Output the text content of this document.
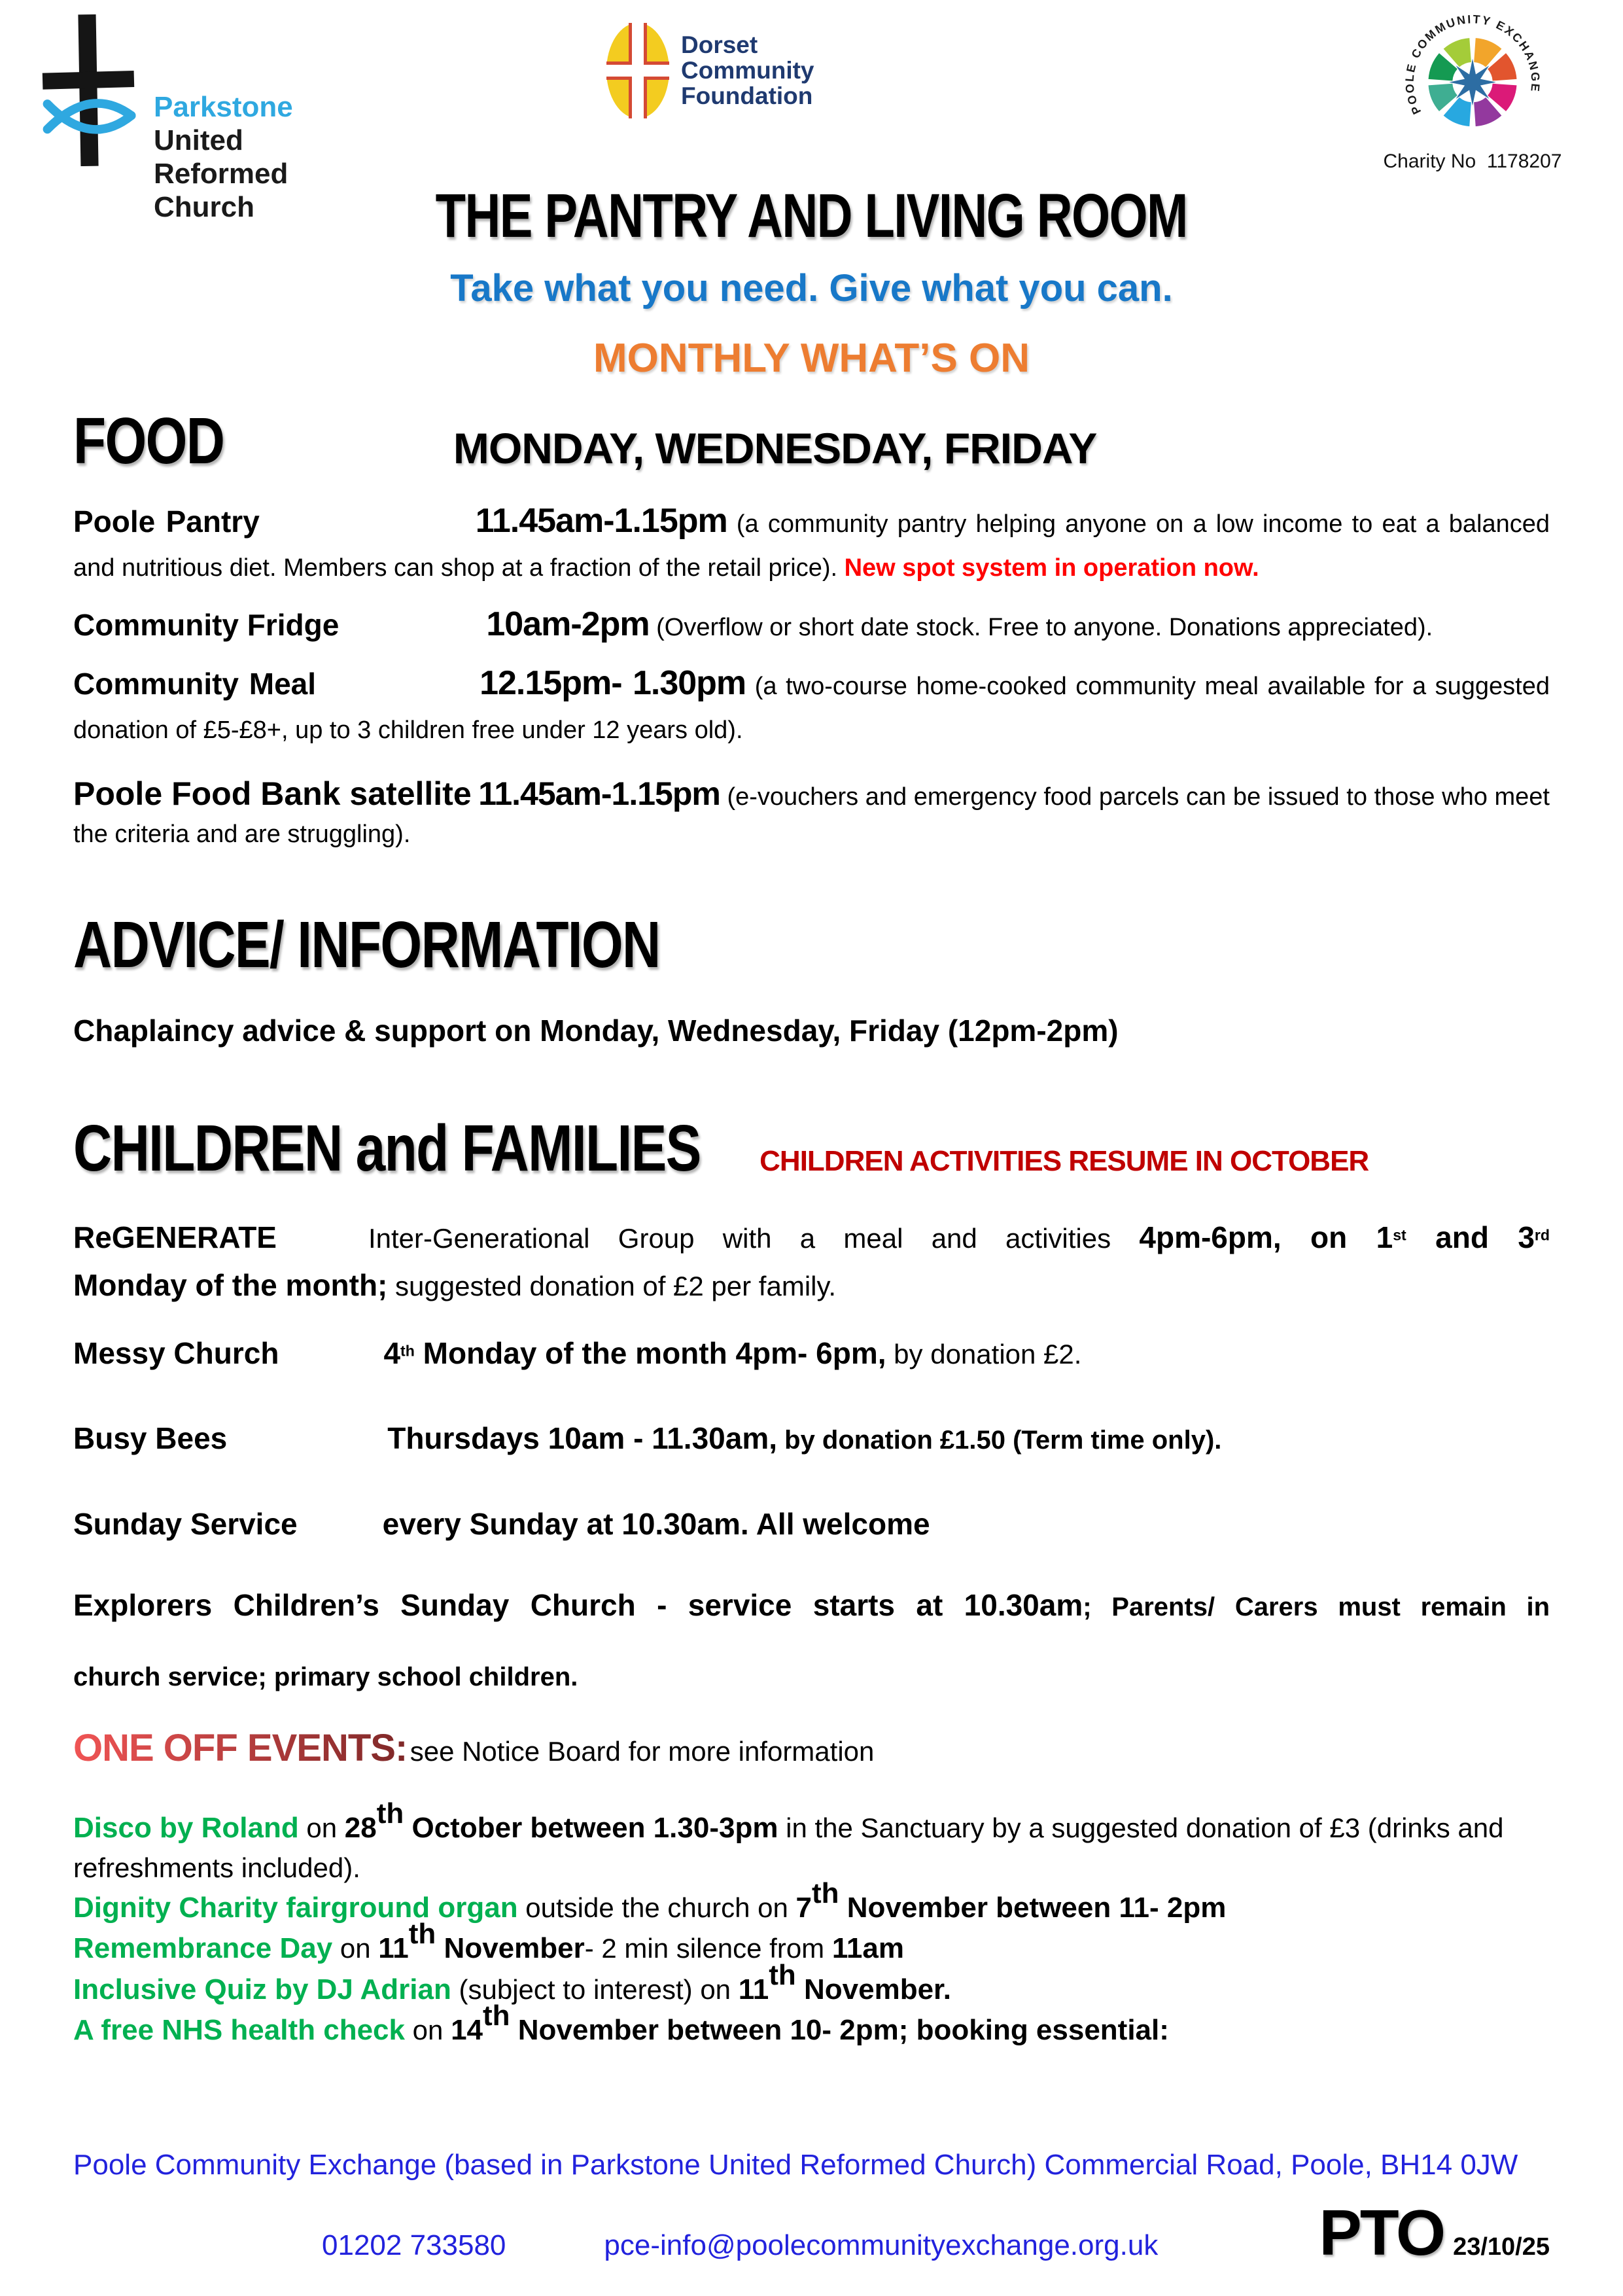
Parkstone
United
Reformed
Church
Dorset
Community
Foundation
POOLE COMMUNITY EXCHANGE
Charity No  1178207
THE PANTRY AND LIVING ROOM
Take what you need. Give what you can.
MONTHLY WHAT’S ON
FOOD	MONDAY, WEDNESDAY, FRIDAY

Poole Pantry	11.45am-1.15pm (a community pantry helping anyone on a low income to eat a balanced and nutritious diet. Members can shop at a fraction of the retail price). New spot system in operation now.

Community Fridge	10am-2pm (Overflow or short date stock. Free to anyone. Donations appreciated).

Community Meal	12.15pm- 1.30pm (a two-course home-cooked community meal available for a suggested donation of £5-£8+, up to 3 children free under 12 years old).

Poole Food Bank satellite 11.45am-1.15pm (e-vouchers and emergency food parcels can be issued to those who meet the criteria and are struggling).

ADVICE/ INFORMATION

Chaplaincy advice & support on Monday, Wednesday, Friday (12pm-2pm)

CHILDREN and FAMILIES CHILDREN ACTIVITIES RESUME IN OCTOBER
ReGENERATE	Inter-Generational Group with a meal and activities 4pm-6pm, on 1st and 3rd
Monday of the month; suggested donation of £2 per family.
Messy Church	4th Monday of the month 4pm- 6pm, by donation £2.
Busy Bees	Thursdays 10am - 11.30am, by donation £1.50 (Term time only).
Sunday Service	every Sunday at 10.30am. All welcome
Explorers Children’s Sunday Church - service starts at 10.30am; Parents/ Carers must remain in
church service; primary school children.
ONE OFF EVENTS: see Notice Board for more information

Disco by Roland on 28th October between 1.30-3pm in the Sanctuary by a suggested donation of £3 (drinks and refreshments included).

Dignity Charity fairground organ outside the church on 7th November between 11- 2pm

Remembrance Day on 11th November- 2 min silence from 11am

Inclusive Quiz by DJ Adrian (subject to interest) on 11th November.

A free NHS health check on 14th November between 10- 2pm; booking essential:

Poole Community Exchange (based in Parkstone United Reformed Church) Commercial Road, Poole, BH14 0JW
01202 733580	pce-info@poolecommunityexchange.org.uk	PTO 23/10/25
